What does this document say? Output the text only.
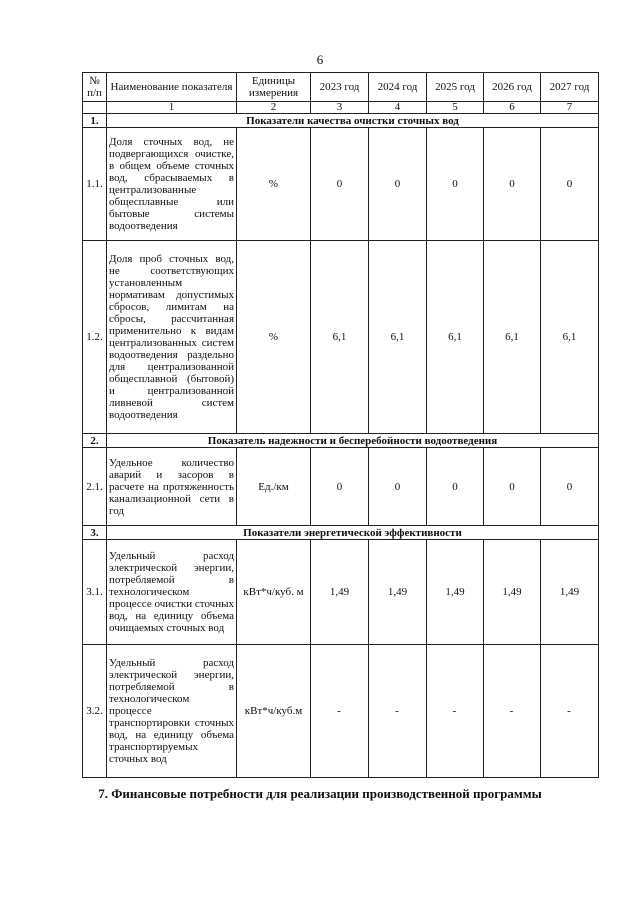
6
№ п/п	Наименование показателя	Единицы измерения	2023 год	2024 год	2025 год	2026 год	2027 год
	1	2	3	4	5	6	7
1.	Показатели качества очистки сточных вод						
1.1.	Доля сточных вод, не подвергающихся очистке, в общем объеме сточных вод, сбрасываемых в централизованные общесплавные или бытовые системы водоотведения	%	0	0	0	0	0
1.2.	Доля проб сточных вод, не соответствующих установленным нормативам допустимых сбросов, лимитам на сбросы, рассчитанная применительно к видам централизованных систем водоотведения раздельно для централизованной общесплавной (бытовой) и централизованной ливневой систем водоотведения	%	6,1	6,1	6,1	6,1	6,1
2.	Показатель надежности и бесперебойности водоотведения						
2.1.	Удельное количество аварий и засоров в расчете на протяженность канализационной сети в год	Ед./км	0	0	0	0	0
3.	Показатели энергетической эффективности						
3.1.	Удельный расход электрической энергии, потребляемой в технологическом процессе очистки сточных вод, на единицу объема очищаемых сточных вод	кВт*ч/куб. м	1,49	1,49	1,49	1,49	1,49
3.2.	Удельный расход электрической энергии, потребляемой в технологическом процессе транспортировки сточных вод, на единицу объема транспортируемых сточных вод	кВт*ч/куб.м	-	-	-	-	-
7. Финансовые потребности для реализации производственной программы
